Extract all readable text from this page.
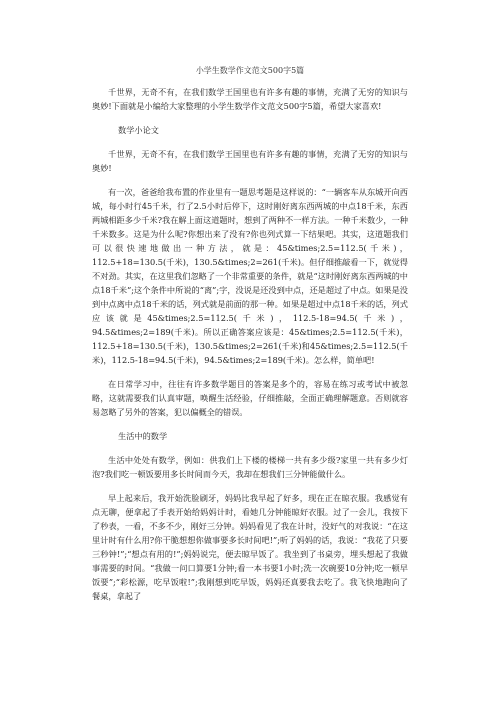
小学生数学作文范文500字5篇

千世界，无奇不有，在我们数学王国里也有许多有趣的事情，充满了无穷的知识与奥妙!下面就是小编给大家整理的小学生数学作文范文500字5篇，希望大家喜欢!

数学小论文

千世界，无奇不有，在我们数学王国里也有许多有趣的事情，充满了无穷的知识与奥妙!

有一次，爸爸给我布置的作业里有一题思考题是这样说的：“一辆客车从东城开向西城，每小时行45千米，行了2.5小时后停下，这时刚好离东西两城的中点18千米，东西两城相距多少千米?我在解上面这道题时，想到了两种不一样方法。一种千米数少，一种千米数多。这是为什么呢?你想出来了没有?你也列式算一下结果吧。其实，这道题我们可以很快速地做出一种方法，就是：45&times;2.5=112.5(千米)，112.5+18=130.5(千米)，130.5&times;2=261(千米)。但仔细推敲看一下，就觉得不对劲。其实，在这里我们忽略了一个非常重要的条件，就是“这时刚好离东西两城的中点18千米”;这个条件中所说的“离”;字，没说是还没到中点，还是超过了中点。如果是没到中点离中点18千米的话，列式就是前面的那一种。如果是超过中点18千米的话，列式应该就是45&times;2.5=112.5(千米)，112.5-18=94.5(千米)，94.5&times;2=189(千米)。所以正确答案应该是：45&times;2.5=112.5(千米)，112.5+18=130.5(千米)，130.5&times;2=261(千米)和45&times;2.5=112.5(千米)，112.5-18=94.5(千米)，94.5&times;2=189(千米)。怎么样，简单吧!

在日常学习中，往往有许多数学题目的答案是多个的，容易在练习或考试中被忽略，这就需要我们认真审题，唤醒生活经验，仔细推敲，全面正确理解题意。否则就容易忽略了另外的答案，犯以偏概全的错误。

生活中的数学

生活中处处有数学，例如：供我们上下楼的楼梯一共有多少级?家里一共有多少灯泡?我们吃一顿饭要用多长时间而今天，我却在想我们三分钟能做什么。

早上起来后，我开始洗脸刷牙，妈妈比我早起了好多，现在正在晾衣服。我感觉有点无聊，便拿起了手表开始给妈妈计时，看她几分钟能晾好衣服。过了一会儿，我按下了秒表，一看，不多不少，刚好三分钟。妈妈看见了我在计时，没好气的对我说：“在这里计时有什么用?你干脆想想你做事要多长时间吧!”;听了妈妈的话，我说：“我花了只要三秒钟!”;“想点有用的!”;妈妈说完，便去晾早饭了。我坐到了书桌旁，埋头想起了我做事需要的时间。“我做一问口算要1分钟;看一本书要1小时;洗一次碗要10分钟;吃一顿早饭要”;“彩松源，吃早饭啦!”;我刚想到吃早饭，妈妈还真要我去吃了。我飞快地跑向了餐桌，拿起了
